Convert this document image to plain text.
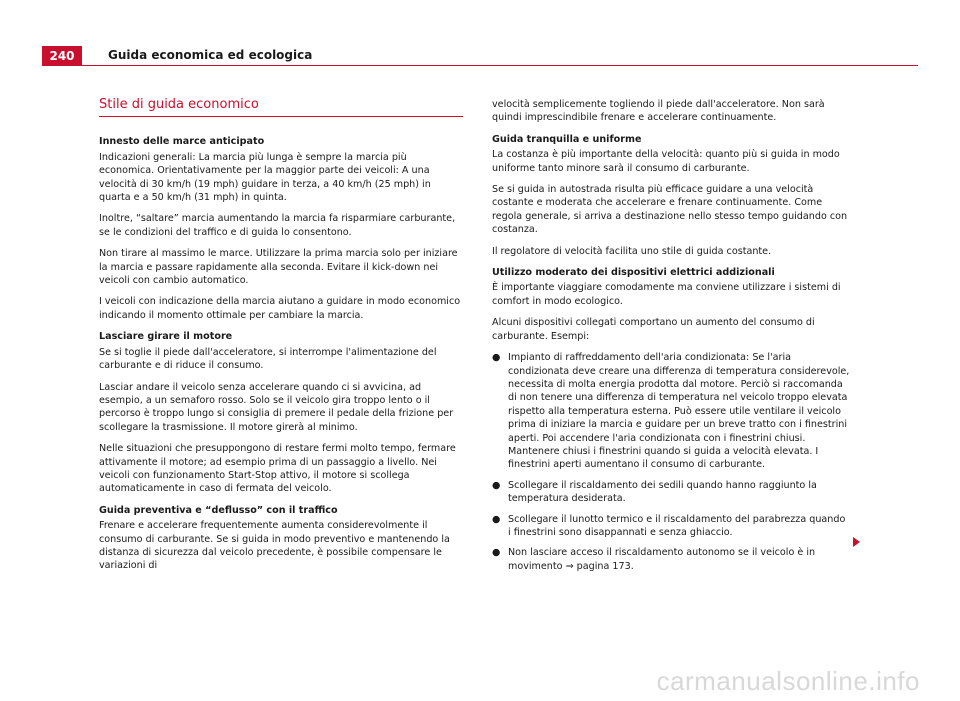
240	Guida economica ed ecologica
Stile di guida economico
Innesto delle marce anticipato

Indicazioni generali: La marcia più lunga è sempre la marcia più economica. Orientativamente per la maggior parte dei veicoli: A una velocità di 30 km/h (19 mph) guidare in terza, a 40 km/h (25 mph) in quarta e a 50 km/h (31 mph) in quinta.

Inoltre, “saltare” marcia aumentando la marcia fa risparmiare carburante, se le condizioni del traffico e di guida lo consentono.

Non tirare al massimo le marce. Utilizzare la prima marcia solo per iniziare la marcia e passare rapidamente alla seconda. Evitare il kick-down nei veicoli con cambio automatico.

I veicoli con indicazione della marcia aiutano a guidare in modo economico indicando il momento ottimale per cambiare la marcia.

Lasciare girare il motore

Se si toglie il piede dall'acceleratore, si interrompe l'alimentazione del carburante e di riduce il consumo.

Lasciar andare il veicolo senza accelerare quando ci si avvicina, ad esempio, a un semaforo rosso. Solo se il veicolo gira troppo lento o il percorso è troppo lungo si consiglia di premere il pedale della frizione per scollegare la trasmissione. Il motore girerà al minimo.

Nelle situazioni che presuppongono di restare fermi molto tempo, fermare attivamente il motore; ad esempio prima di un passaggio a livello. Nei veicoli con funzionamento Start-Stop attivo, il motore si scollega automaticamente in caso di fermata del veicolo.

Guida preventiva e “deflusso” con il traffico

Frenare e accelerare frequentemente aumenta considerevolmente il consumo di carburante. Se si guida in modo preventivo e mantenendo la distanza di sicurezza dal veicolo precedente, è possibile compensare le variazioni di

velocità semplicemente togliendo il piede dall'acceleratore. Non sarà quindi imprescindibile frenare e accelerare continuamente.

Guida tranquilla e uniforme

La costanza è più importante della velocità: quanto più si guida in modo uniforme tanto minore sarà il consumo di carburante.

Se si guida in autostrada risulta più efficace guidare a una velocità costante e moderata che accelerare e frenare continuamente. Come regola generale, si arriva a destinazione nello stesso tempo guidando con costanza.

Il regolatore di velocità facilita uno stile di guida costante.

Utilizzo moderato dei dispositivi elettrici addizionali

È importante viaggiare comodamente ma conviene utilizzare i sistemi di comfort in modo ecologico.

Alcuni dispositivi collegati comportano un aumento del consumo di carburante. Esempi:

● Impianto di raffreddamento dell'aria condizionata: Se l'aria condizionata deve creare una differenza di temperatura considerevole, necessita di molta energia prodotta dal motore. Perciò si raccomanda di non tenere una differenza di temperatura nel veicolo troppo elevata rispetto alla temperatura esterna. Può essere utile ventilare il veicolo prima di iniziare la marcia e guidare per un breve tratto con i finestrini aperti. Poi accendere l'aria condizionata con i finestrini chiusi. Mantenere chiusi i finestrini quando si guida a velocità elevata. I finestrini aperti aumentano il consumo di carburante.
● Scollegare il riscaldamento dei sedili quando hanno raggiunto la temperatura desiderata.
● Scollegare il lunotto termico e il riscaldamento del parabrezza quando i finestrini sono disappannati e senza ghiaccio.
● Non lasciare acceso il riscaldamento autonomo se il veicolo è in movimento ⇒ pagina 173.
carmanualsonline.info
